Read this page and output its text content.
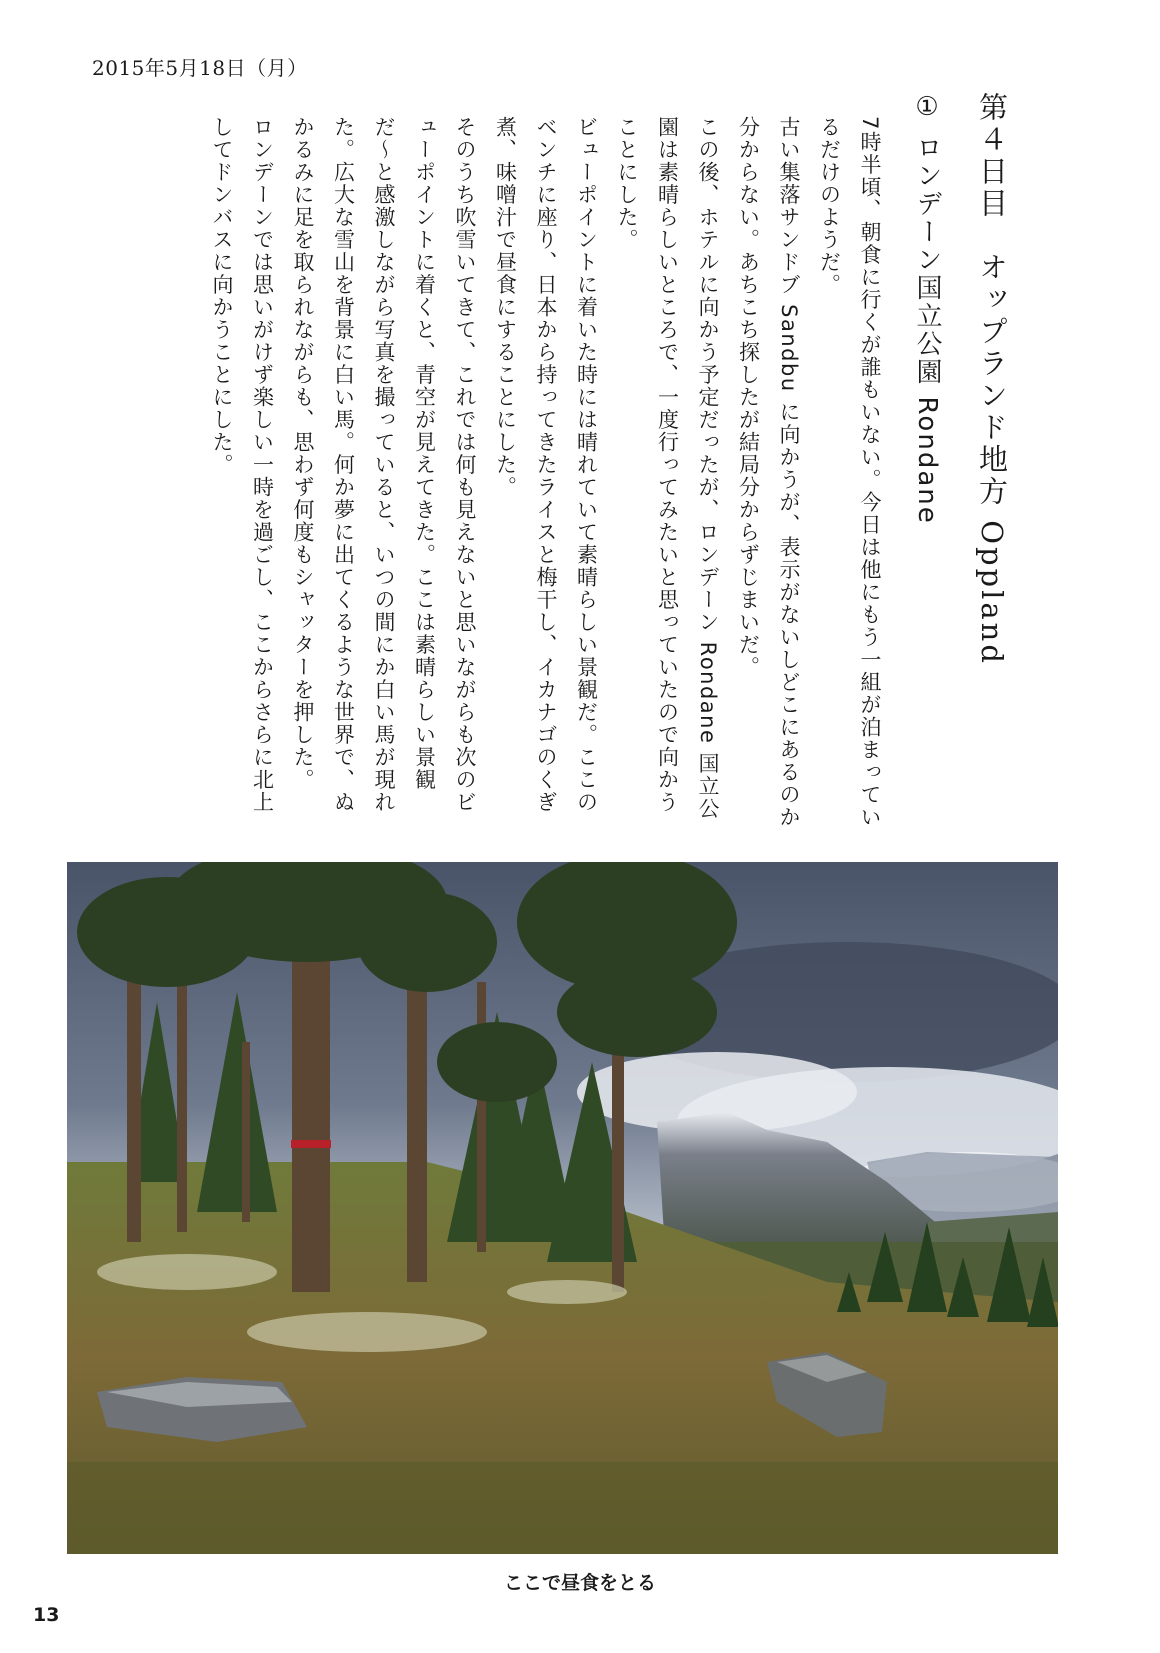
2015年5月18日（月）
第４日目　オップランド地方 Oppland
① ロンデーン国立公園 Rondane

7時半頃、朝食に行くが誰もいない。今日は他にもう一組が泊まっているだけのようだ。

古い集落サンドブ Sandbu に向かうが、表示がないしどこにあるのか分からない。あちこち探したが結局分からずじまいだ。

この後、ホテルに向かう予定だったが、ロンデーン Rondane 国立公園は素晴らしいところで、一度行ってみたいと思っていたので向かうことにした。

ビューポイントに着いた時には晴れていて素晴らしい景観だ。ここのベンチに座り、日本から持ってきたライスと梅干し、イカナゴのくぎ煮、味噌汁で昼食にすることにした。

そのうち吹雪いてきて、これでは何も見えないと思いながらも次のビューポイントに着くと、青空が見えてきた。ここは素晴らしい景観だ〜と感激しながら写真を撮っていると、いつの間にか白い馬が現れた。広大な雪山を背景に白い馬。何か夢に出てくるような世界で、ぬかるみに足を取られながらも、思わず何度もシャッターを押した。

ロンデーンでは思いがけず楽しい一時を過ごし、ここからさらに北上してドンバスに向かうことにした。

ここで昼食をとる
13
